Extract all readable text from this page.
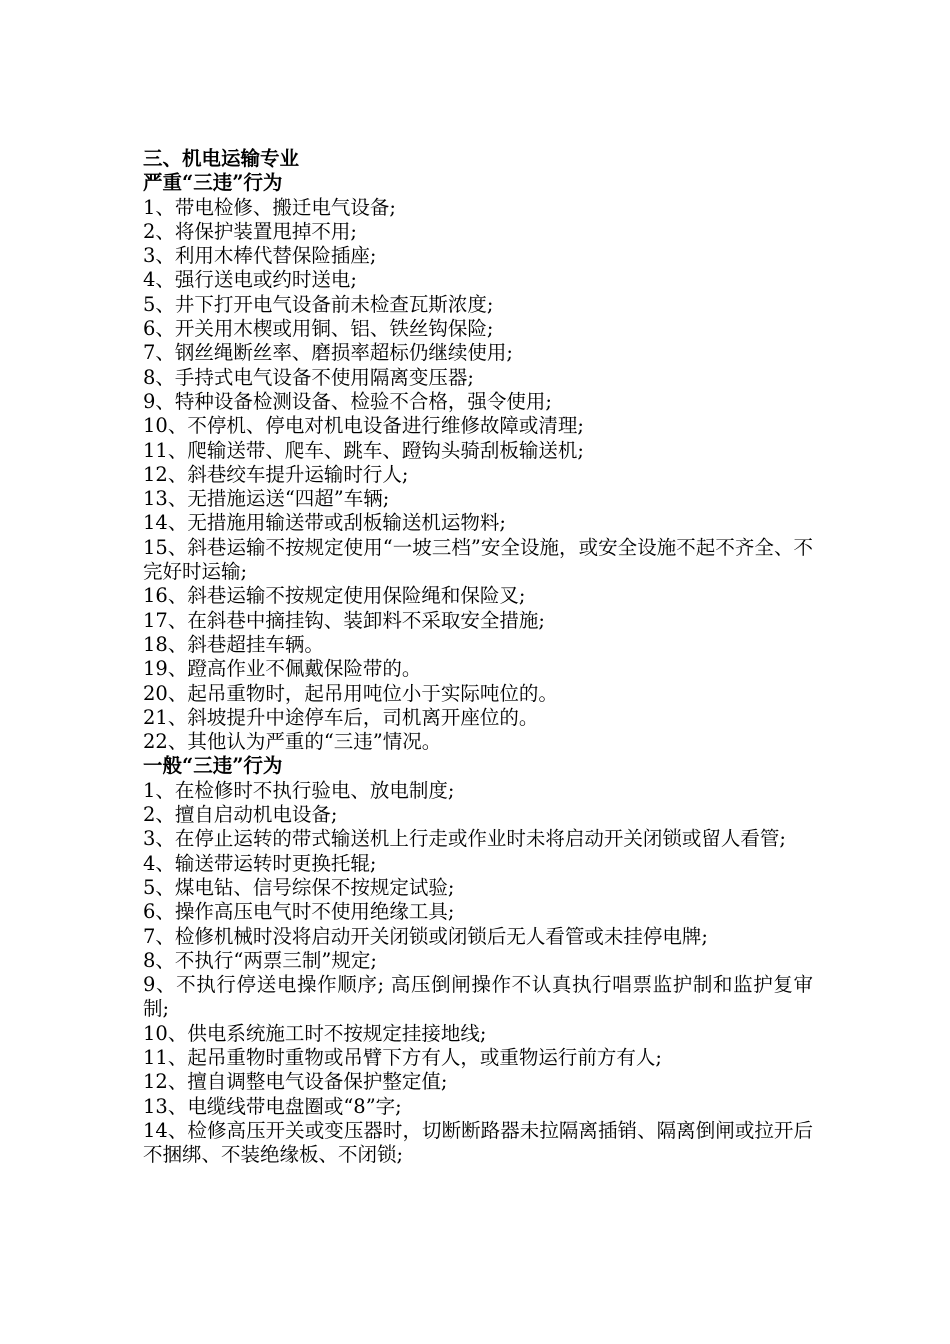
三、机电运输专业
严重“三违”行为
1、带电检修、搬迁电气设备;
2、将保护装置甩掉不用;
3、利用木棒代替保险插座;
4、强行送电或约时送电;
5、井下打开电气设备前未检查瓦斯浓度;
6、开关用木楔或用铜、铝、铁丝钩保险;
7、钢丝绳断丝率、磨损率超标仍继续使用;
8、手持式电气设备不使用隔离变压器;
9、特种设备检测设备、检验不合格，强令使用;
10、不停机、停电对机电设备进行维修故障或清理;
11、爬输送带、爬车、跳车、蹬钩头骑刮板输送机;
12、斜巷绞车提升运输时行人;
13、无措施运送“四超”车辆;
14、无措施用输送带或刮板输送机运物料;
15、斜巷运输不按规定使用“一坡三档”安全设施，或安全设施不起不齐全、不完好时运输;
16、斜巷运输不按规定使用保险绳和保险叉;
17、在斜巷中摘挂钩、装卸料不采取安全措施;
18、斜巷超挂车辆。
19、蹬高作业不佩戴保险带的。
20、起吊重物时，起吊用吨位小于实际吨位的。
21、斜坡提升中途停车后，司机离开座位的。
22、其他认为严重的“三违”情况。
一般“三违”行为
1、在检修时不执行验电、放电制度;
2、擅自启动机电设备;
3、在停止运转的带式输送机上行走或作业时未将启动开关闭锁或留人看管;
4、输送带运转时更换托辊;
5、煤电钻、信号综保不按规定试验;
6、操作高压电气时不使用绝缘工具;
7、检修机械时没将启动开关闭锁或闭锁后无人看管或未挂停电牌;
8、不执行“两票三制”规定;
9、不执行停送电操作顺序; 高压倒闸操作不认真执行唱票监护制和监护复审制;
10、供电系统施工时不按规定挂接地线;
11、起吊重物时重物或吊臂下方有人，或重物运行前方有人;
12、擅自调整电气设备保护整定值;
13、电缆线带电盘圈或“8”字;
14、检修高压开关或变压器时，切断断路器未拉隔离插销、隔离倒闸或拉开后不捆绑、不装绝缘板、不闭锁;
